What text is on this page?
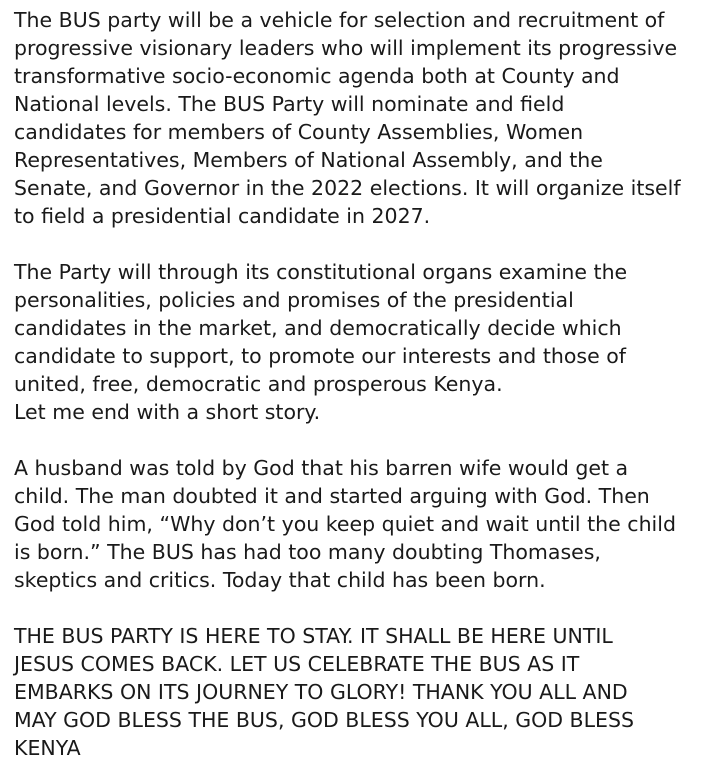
The BUS party will be a vehicle for selection and recruitment of
progressive visionary leaders who will implement its progressive
transformative socio-economic agenda both at County and
National levels. The BUS Party will nominate and field
candidates for members of County Assemblies, Women
Representatives, Members of National Assembly, and the
Senate, and Governor in the 2022 elections. It will organize itself
to field a presidential candidate in 2027.

The Party will through its constitutional organs examine the
personalities, policies and promises of the presidential
candidates in the market, and democratically decide which
candidate to support, to promote our interests and those of
united, free, democratic and prosperous Kenya.
Let me end with a short story.

A husband was told by God that his barren wife would get a
child. The man doubted it and started arguing with God. Then
God told him, “Why don’t you keep quiet and wait until the child
is born.” The BUS has had too many doubting Thomases,
skeptics and critics. Today that child has been born.

THE BUS PARTY IS HERE TO STAY. IT SHALL BE HERE UNTIL
JESUS COMES BACK. LET US CELEBRATE THE BUS AS IT
EMBARKS ON ITS JOURNEY TO GLORY! THANK YOU ALL AND
MAY GOD BLESS THE BUS, GOD BLESS YOU ALL, GOD BLESS
KENYA
